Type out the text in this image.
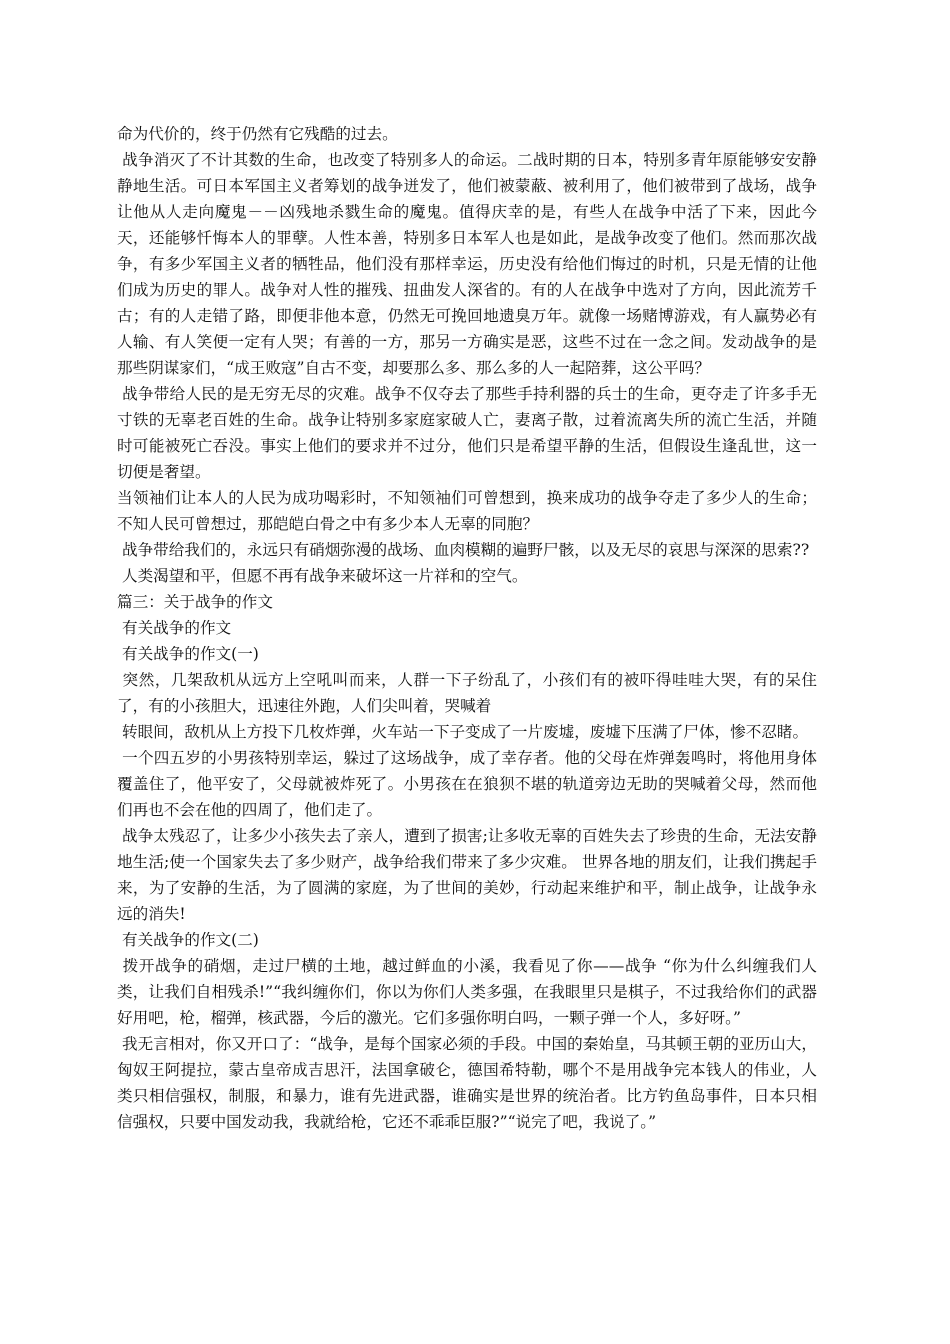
命为代价的，终于仍然有它残酷的过去。

战争消灭了不计其数的生命，也改变了特别多人的命运。二战时期的日本，特别多青年原能够安安静静地生活。可日本军国主义者筹划的战争迸发了，他们被蒙蔽、被利用了，他们被带到了战场，战争让他从人走向魔鬼－－凶残地杀戮生命的魔鬼。值得庆幸的是，有些人在战争中活了下来，因此今天，还能够忏悔本人的罪孽。人性本善，特别多日本军人也是如此，是战争改变了他们。然而那次战争，有多少军国主义者的牺牲品，他们没有那样幸运，历史没有给他们悔过的时机，只是无情的让他们成为历史的罪人。战争对人性的摧残、扭曲发人深省的。有的人在战争中选对了方向，因此流芳千古；有的人走错了路，即便非他本意，仍然无可挽回地遗臭万年。就像一场赌博游戏，有人赢势必有人输、有人笑便一定有人哭；有善的一方，那另一方确实是恶，这些不过在一念之间。发动战争的是那些阴谋家们，“成王败寇”自古不变，却要那么多、那么多的人一起陪葬，这公平吗？

战争带给人民的是无穷无尽的灾难。战争不仅夺去了那些手持利器的兵士的生命，更夺走了许多手无寸铁的无辜老百姓的生命。战争让特别多家庭家破人亡，妻离子散，过着流离失所的流亡生活，并随时可能被死亡吞没。事实上他们的要求并不过分，他们只是希望平静的生活，但假设生逢乱世，这一切便是奢望。

当领袖们让本人的人民为成功喝彩时，不知领袖们可曾想到，换来成功的战争夺走了多少人的生命；不知人民可曾想过，那皑皑白骨之中有多少本人无辜的同胞？

战争带给我们的，永远只有硝烟弥漫的战场、血肉模糊的遍野尸骸，以及无尽的哀思与深深的思索??

人类渴望和平，但愿不再有战争来破坏这一片祥和的空气。

篇三：关于战争的作文

有关战争的作文

有关战争的作文(一)

突然，几架敌机从远方上空吼叫而来，人群一下子纷乱了，小孩们有的被吓得哇哇大哭，有的呆住了，有的小孩胆大，迅速往外跑，人们尖叫着，哭喊着

转眼间，敌机从上方投下几枚炸弹，火车站一下子变成了一片废墟，废墟下压满了尸体，惨不忍睹。

一个四五岁的小男孩特别幸运，躲过了这场战争，成了幸存者。他的父母在炸弹轰鸣时，将他用身体覆盖住了，他平安了，父母就被炸死了。小男孩在在狼狈不堪的轨道旁边无助的哭喊着父母，然而他们再也不会在他的四周了，他们走了。

战争太残忍了，让多少小孩失去了亲人，遭到了损害;让多收无辜的百姓失去了珍贵的生命，无法安静地生活;使一个国家失去了多少财产，战争给我们带来了多少灾难。 世界各地的朋友们，让我们携起手来，为了安静的生活，为了圆满的家庭，为了世间的美妙，行动起来维护和平，制止战争，让战争永远的消失!

有关战争的作文(二)

拨开战争的硝烟，走过尸横的土地，越过鲜血的小溪，我看见了你——战争 “你为什么纠缠我们人类，让我们自相残杀!”“我纠缠你们，你以为你们人类多强，在我眼里只是棋子，不过我给你们的武器好用吧，枪，榴弹，核武器，今后的激光。它们多强你明白吗，一颗子弹一个人，多好呀。”

我无言相对，你又开口了：“战争，是每个国家必须的手段。中国的秦始皇，马其顿王朝的亚历山大，匈奴王阿提拉，蒙古皇帝成吉思汗，法国拿破仑，德国希特勒，哪个不是用战争完本钱人的伟业，人类只相信强权，制服，和暴力，谁有先进武器，谁确实是世界的统治者。比方钓鱼岛事件，日本只相信强权，只要中国发动我，我就给枪，它还不乖乖臣服?”“说完了吧，我说了。”
